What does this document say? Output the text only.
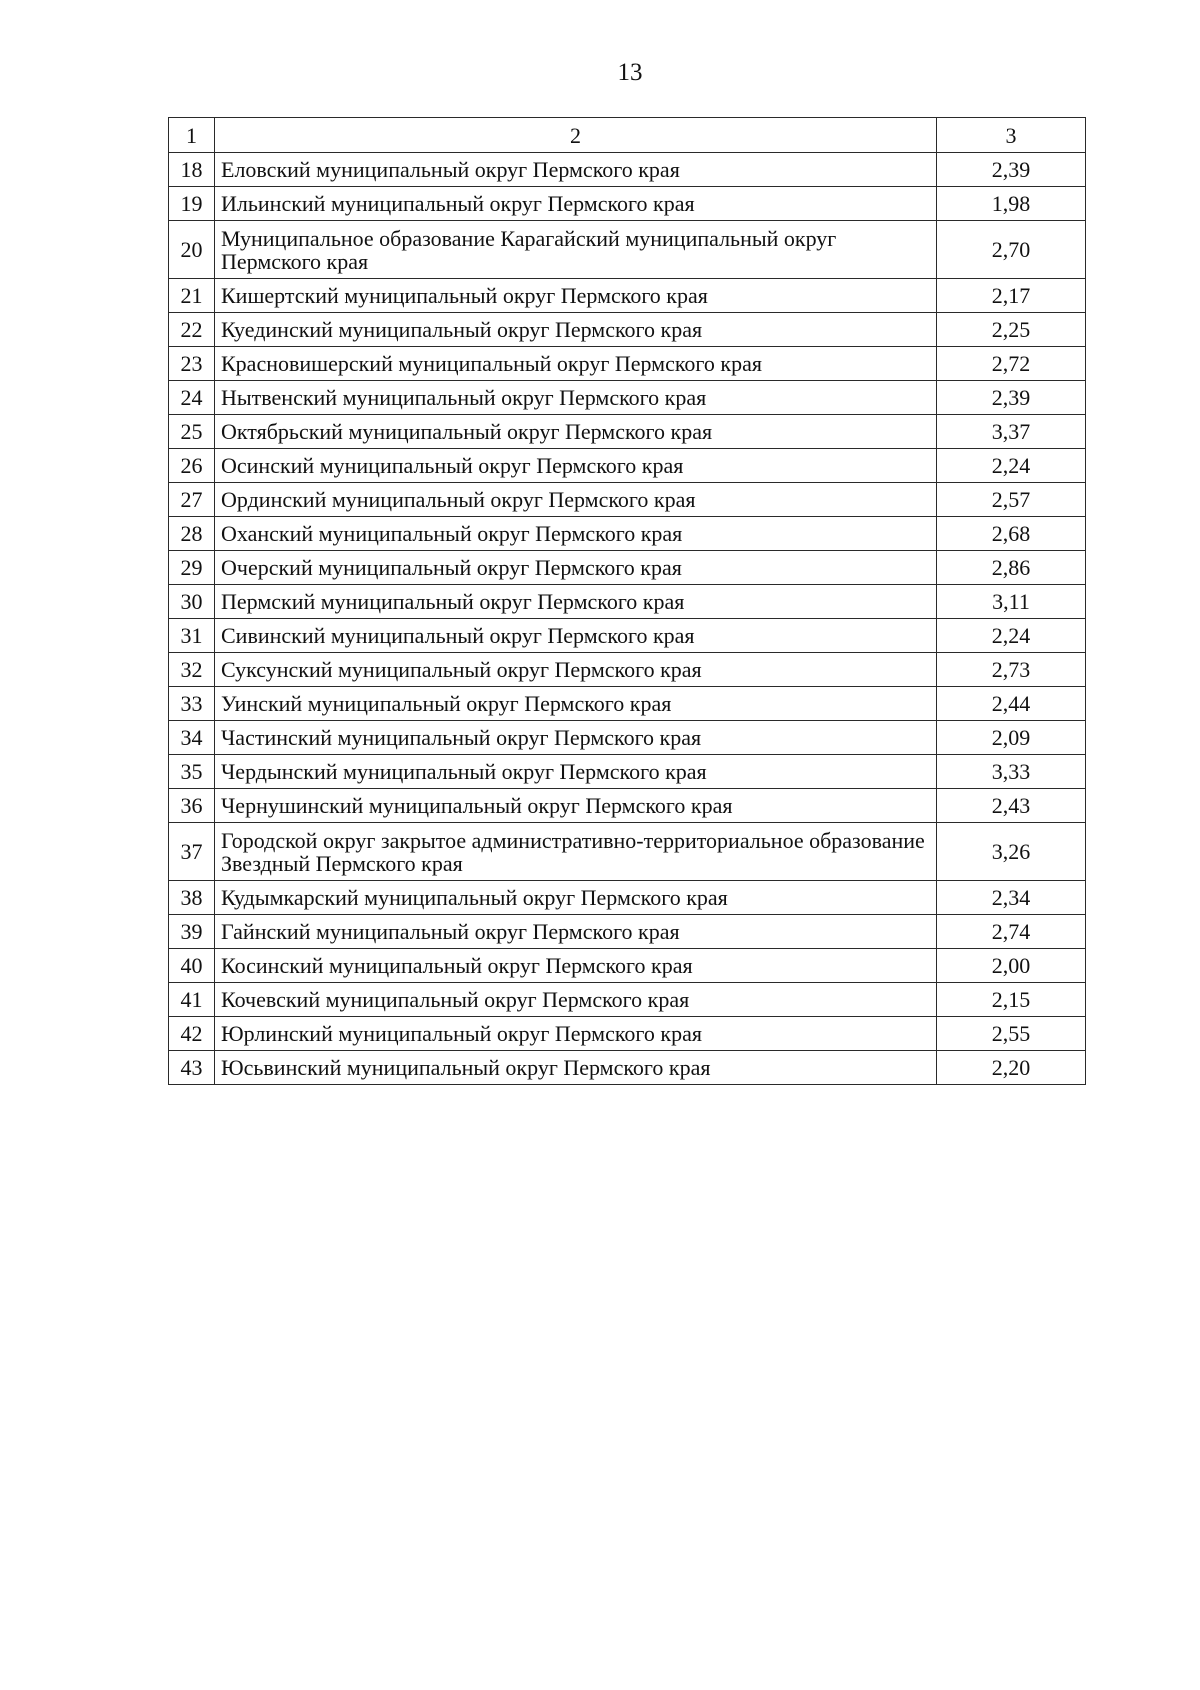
13
1	2	3
18	Еловский муниципальный округ Пермского края	2,39
19	Ильинский муниципальный округ Пермского края	1,98
20	Муниципальное образование Карагайский муниципальный округ Пермского края	2,70
21	Кишертский муниципальный округ Пермского края	2,17
22	Куединский муниципальный округ Пермского края	2,25
23	Красновишерский муниципальный округ Пермского края	2,72
24	Нытвенский муниципальный округ Пермского края	2,39
25	Октябрьский муниципальный округ Пермского края	3,37
26	Осинский муниципальный округ Пермского края	2,24
27	Ординский муниципальный округ Пермского края	2,57
28	Оханский муниципальный округ Пермского края	2,68
29	Очерский муниципальный округ Пермского края	2,86
30	Пермский муниципальный округ Пермского края	3,11
31	Сивинский муниципальный округ Пермского края	2,24
32	Суксунский муниципальный округ Пермского края	2,73
33	Уинский муниципальный округ Пермского края	2,44
34	Частинский муниципальный округ Пермского края	2,09
35	Чердынский муниципальный округ Пермского края	3,33
36	Чернушинский муниципальный округ Пермского края	2,43
37	Городской округ закрытое административно-территориальное образование Звездный Пермского края	3,26
38	Кудымкарский муниципальный округ Пермского края	2,34
39	Гайнский муниципальный округ Пермского края	2,74
40	Косинский муниципальный округ Пермского края	2,00
41	Кочевский муниципальный округ Пермского края	2,15
42	Юрлинский муниципальный округ Пермского края	2,55
43	Юсьвинский муниципальный округ Пермского края	2,20
